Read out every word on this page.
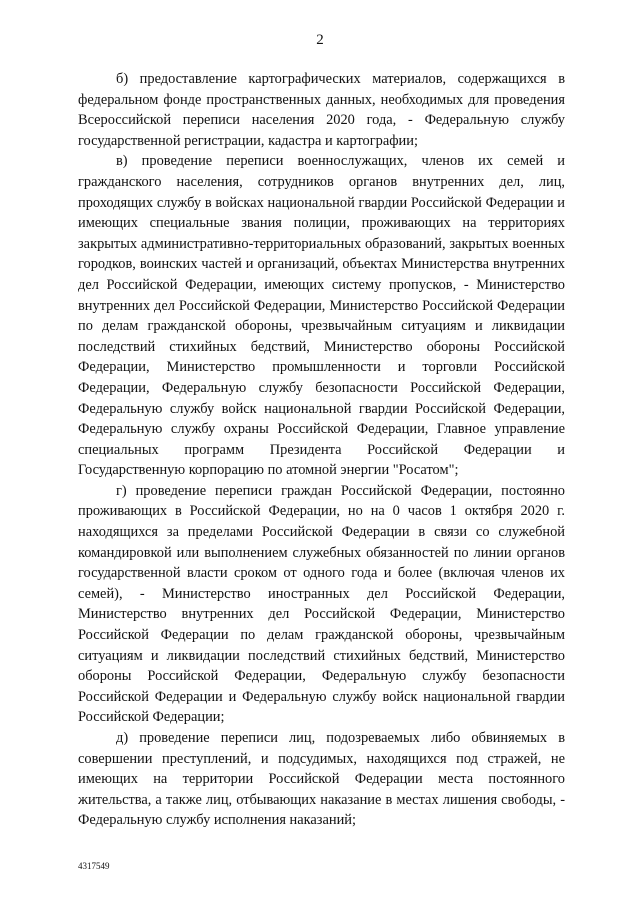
2

б) предоставление картографических материалов, содержащихся в федеральном фонде пространственных данных, необходимых для проведения Всероссийской переписи населения 2020 года, - Федеральную службу государственной регистрации, кадастра и картографии;

в) проведение переписи военнослужащих, членов их семей и гражданского населения, сотрудников органов внутренних дел, лиц, проходящих службу в войсках национальной гвардии Российской Федерации и имеющих специальные звания полиции, проживающих на территориях закрытых административно-территориальных образований, закрытых военных городков, воинских частей и организаций, объектах Министерства внутренних дел Российской Федерации, имеющих систему пропусков, - Министерство внутренних дел Российской Федерации, Министерство Российской Федерации по делам гражданской обороны, чрезвычайным ситуациям и ликвидации последствий стихийных бедствий, Министерство обороны Российской Федерации, Министерство промышленности и торговли Российской Федерации, Федеральную службу безопасности Российской Федерации, Федеральную службу войск национальной гвардии Российской Федерации, Федеральную службу охраны Российской Федерации, Главное управление специальных программ Президента Российской Федерации и Государственную корпорацию по атомной энергии "Росатом";

г) проведение переписи граждан Российской Федерации, постоянно проживающих в Российской Федерации, но на 0 часов 1 октября 2020 г. находящихся за пределами Российской Федерации в связи со служебной командировкой или выполнением служебных обязанностей по линии органов государственной власти сроком от одного года и более (включая членов их семей), - Министерство иностранных дел Российской Федерации, Министерство внутренних дел Российской Федерации, Министерство Российской Федерации по делам гражданской обороны, чрезвычайным ситуациям и ликвидации последствий стихийных бедствий, Министерство обороны Российской Федерации, Федеральную службу безопасности Российской Федерации и Федеральную службу войск национальной гвардии Российской Федерации;

д) проведение переписи лиц, подозреваемых либо обвиняемых в совершении преступлений, и подсудимых, находящихся под стражей, не имеющих на территории Российской Федерации места постоянного жительства, а также лиц, отбывающих наказание в местах лишения свободы, - Федеральную службу исполнения наказаний;

4317549
